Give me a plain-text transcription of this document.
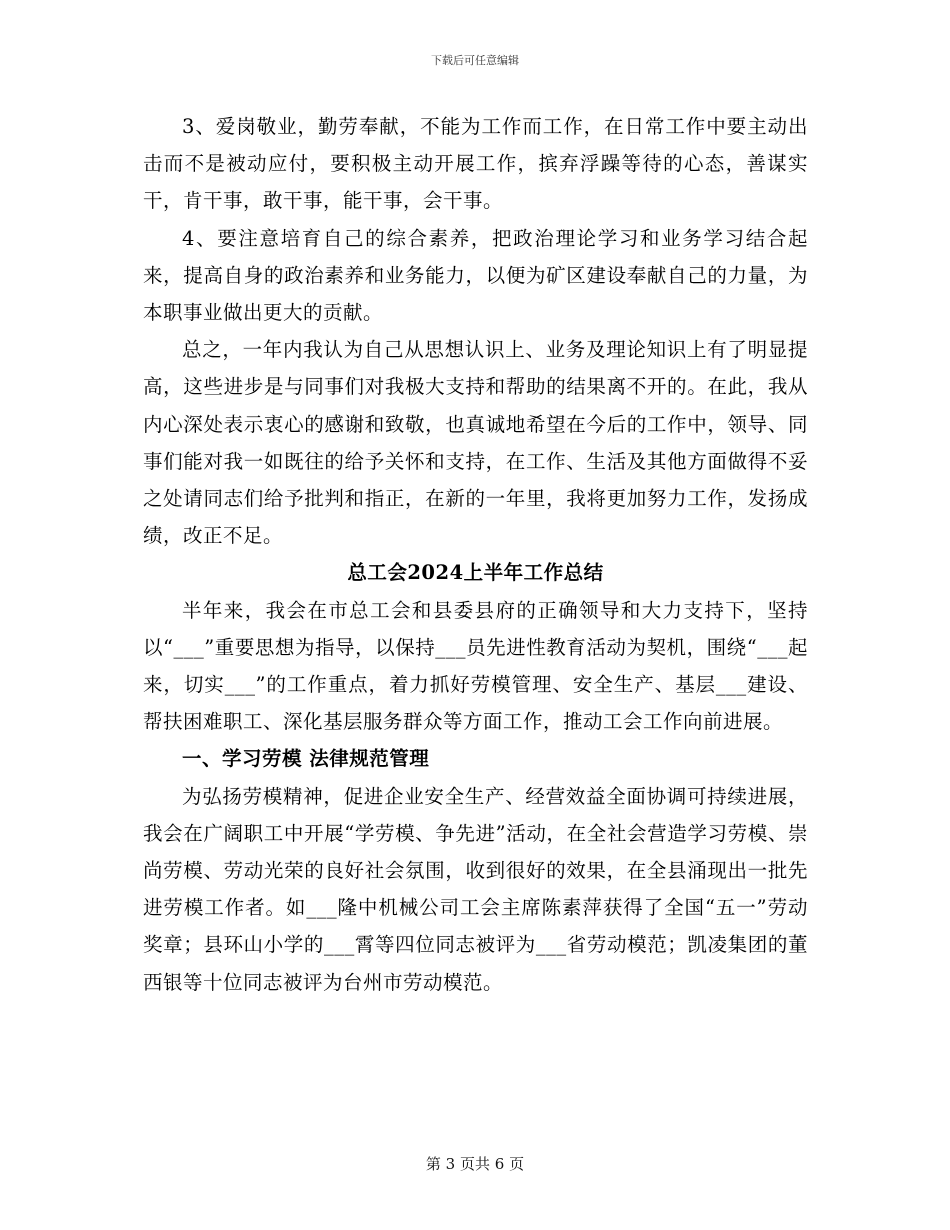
下载后可任意编辑

3、爱岗敬业，勤劳奉献，不能为工作而工作，在日常工作中要主动出击而不是被动应付，要积极主动开展工作，摈弃浮躁等待的心态，善谋实干，肯干事，敢干事，能干事，会干事。

4、要注意培育自己的综合素养，把政治理论学习和业务学习结合起来，提高自身的政治素养和业务能力，以便为矿区建设奉献自己的力量，为本职事业做出更大的贡献。

总之，一年内我认为自己从思想认识上、业务及理论知识上有了明显提高，这些进步是与同事们对我极大支持和帮助的结果离不开的。在此，我从内心深处表示衷心的感谢和致敬，也真诚地希望在今后的工作中，领导、同事们能对我一如既往的给予关怀和支持，在工作、生活及其他方面做得不妥之处请同志们给予批判和指正，在新的一年里，我将更加努力工作，发扬成绩，改正不足。

总工会2024上半年工作总结

半年来，我会在市总工会和县委县府的正确领导和大力支持下，坚持以“___”重要思想为指导，以保持___员先进性教育活动为契机，围绕“___起来，切实___”的工作重点，着力抓好劳模管理、安全生产、基层___建设、帮扶困难职工、深化基层服务群众等方面工作，推动工会工作向前进展。

一、学习劳模 法律规范管理

为弘扬劳模精神，促进企业安全生产、经营效益全面协调可持续进展，我会在广阔职工中开展“学劳模、争先进”活动，在全社会营造学习劳模、崇尚劳模、劳动光荣的良好社会氛围，收到很好的效果，在全县涌现出一批先进劳模工作者。如___隆中机械公司工会主席陈素萍获得了全国“五一”劳动奖章；县环山小学的___霄等四位同志被评为___省劳动模范；凯凌集团的董西银等十位同志被评为台州市劳动模范。

第 3 页共 6 页
